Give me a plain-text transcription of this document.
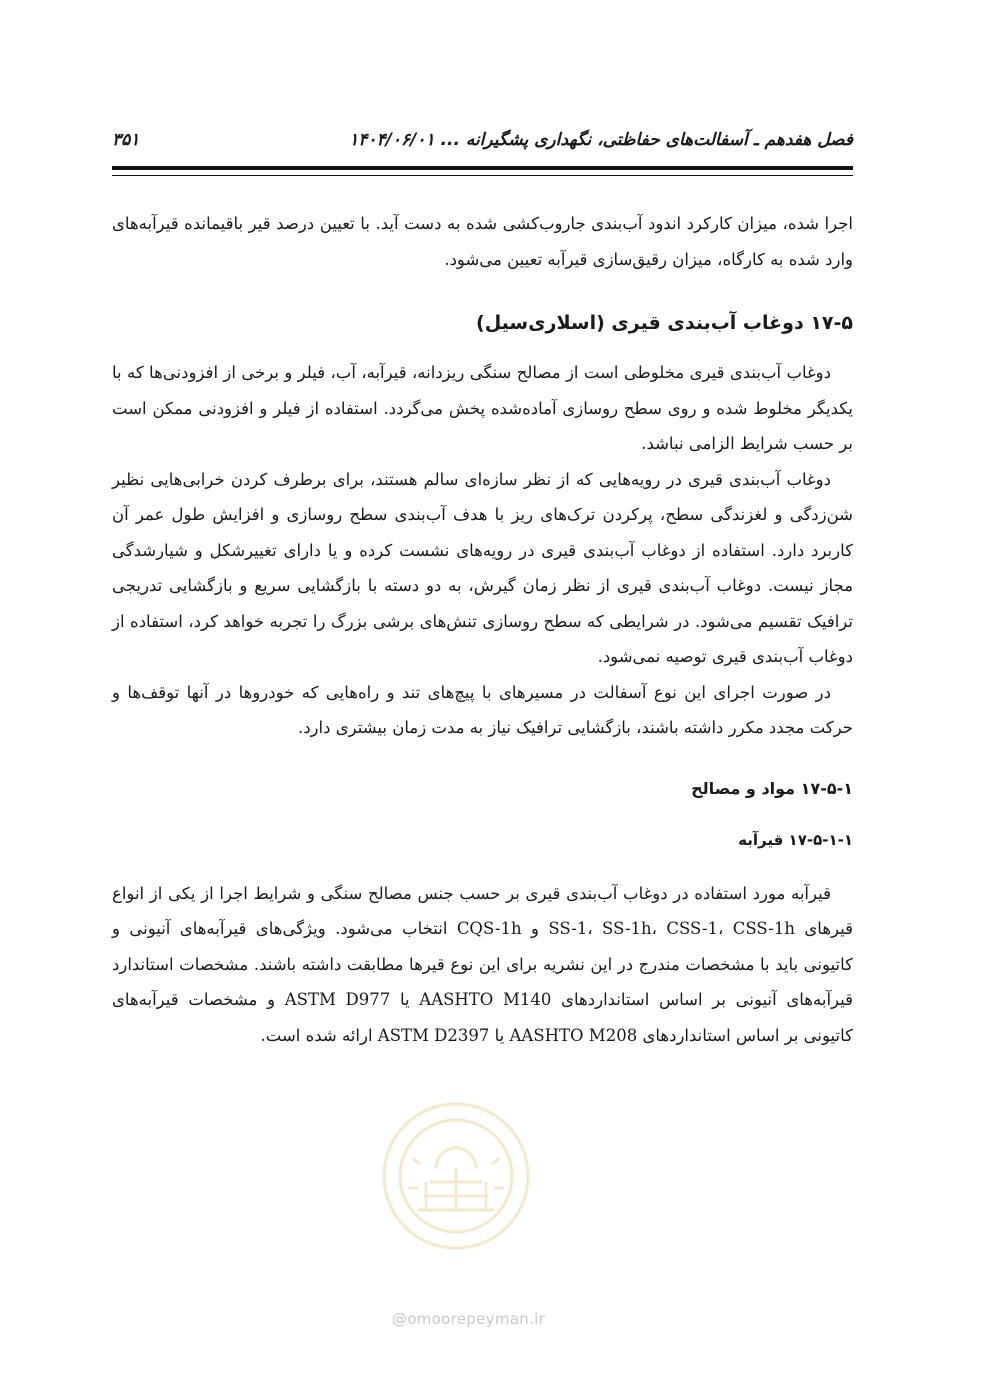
فصل هفدهم ـ آسفالت‌های حفاظتی، نگهداری پشگیرانه ... ۱۴۰۴/۰۶/۰۱
۳۵۱

اجرا شده، میزان کارکرد اندود آب‌بندی جاروب‌کشی شده به دست آید. با تعیین درصد قیر باقیمانده قیرآبه‌های وارد شده به کارگاه، میزان رقیق‌سازی قیرآبه تعیین می‌شود.

۱۷-۵ دوغاب آب‌بندی قیری (اسلاری‌سیل)

دوغاب آب‌بندی قیری مخلوطی است از مصالح سنگی ریزدانه، قیرآبه، آب، فیلر و برخی از افزودنی‌ها که با یکدیگر مخلوط شده و روی سطح روسازی آماده‌شده پخش می‌گردد. استفاده از فیلر و افزودنی ممکن است بر حسب شرایط الزامی نباشد.

دوغاب آب‌بندی قیری در رویه‌هایی که از نظر سازه‌ای سالم هستند، برای برطرف کردن خرابی‌هایی نظیر شن‌زدگی و لغزندگی سطح، پرکردن ترک‌های ریز با هدف آب‌بندی سطح روسازی و افزایش طول عمر آن کاربرد دارد. استفاده از دوغاب آب‌بندی قیری در رویه‌های نشست کرده و یا دارای تغییرشکل و شیارشدگی مجاز نیست. دوغاب آب‌بندی قیری از نظر زمان گیرش، به دو دسته با بازگشایی سریع و بازگشایی تدریجی ترافیک تقسیم می‌شود. در شرایطی که سطح روسازی تنش‌های برشی بزرگ را تجربه خواهد کرد، استفاده از دوغاب آب‌بندی قیری توصیه نمی‌شود.

در صورت اجرای این نوع آسفالت در مسیرهای با پیچ‌های تند و راه‌هایی که خودروها در آنها توقف‌ها و حرکت مجدد مکرر داشته باشند، بازگشایی ترافیک نیاز به مدت زمان بیشتری دارد.

۱۷-۵-۱ مواد و مصالح
۱۷-۵-۱-۱ قیرآبه

قیرآبه مورد استفاده در دوغاب آب‌بندی قیری بر حسب جنس مصالح سنگی و شرایط اجرا از یکی از انواع قیرهای SS-1، SS-1h، CSS-1، CSS-1h و CQS-1h انتخاب می‌شود. ویژگی‌های قیرآبه‌های آنیونی و کاتیونی باید با مشخصات مندرج در این نشریه برای این نوع قیرها مطابقت داشته باشند. مشخصات استاندارد قیرآبه‌های آنیونی بر اساس استانداردهای AASHTO M140 یا ASTM D977 و مشخصات قیرآبه‌های کاتیونی بر اساس استانداردهای AASHTO M208 یا ASTM D2397 ارائه شده است.

@omoorepeyman.ir
